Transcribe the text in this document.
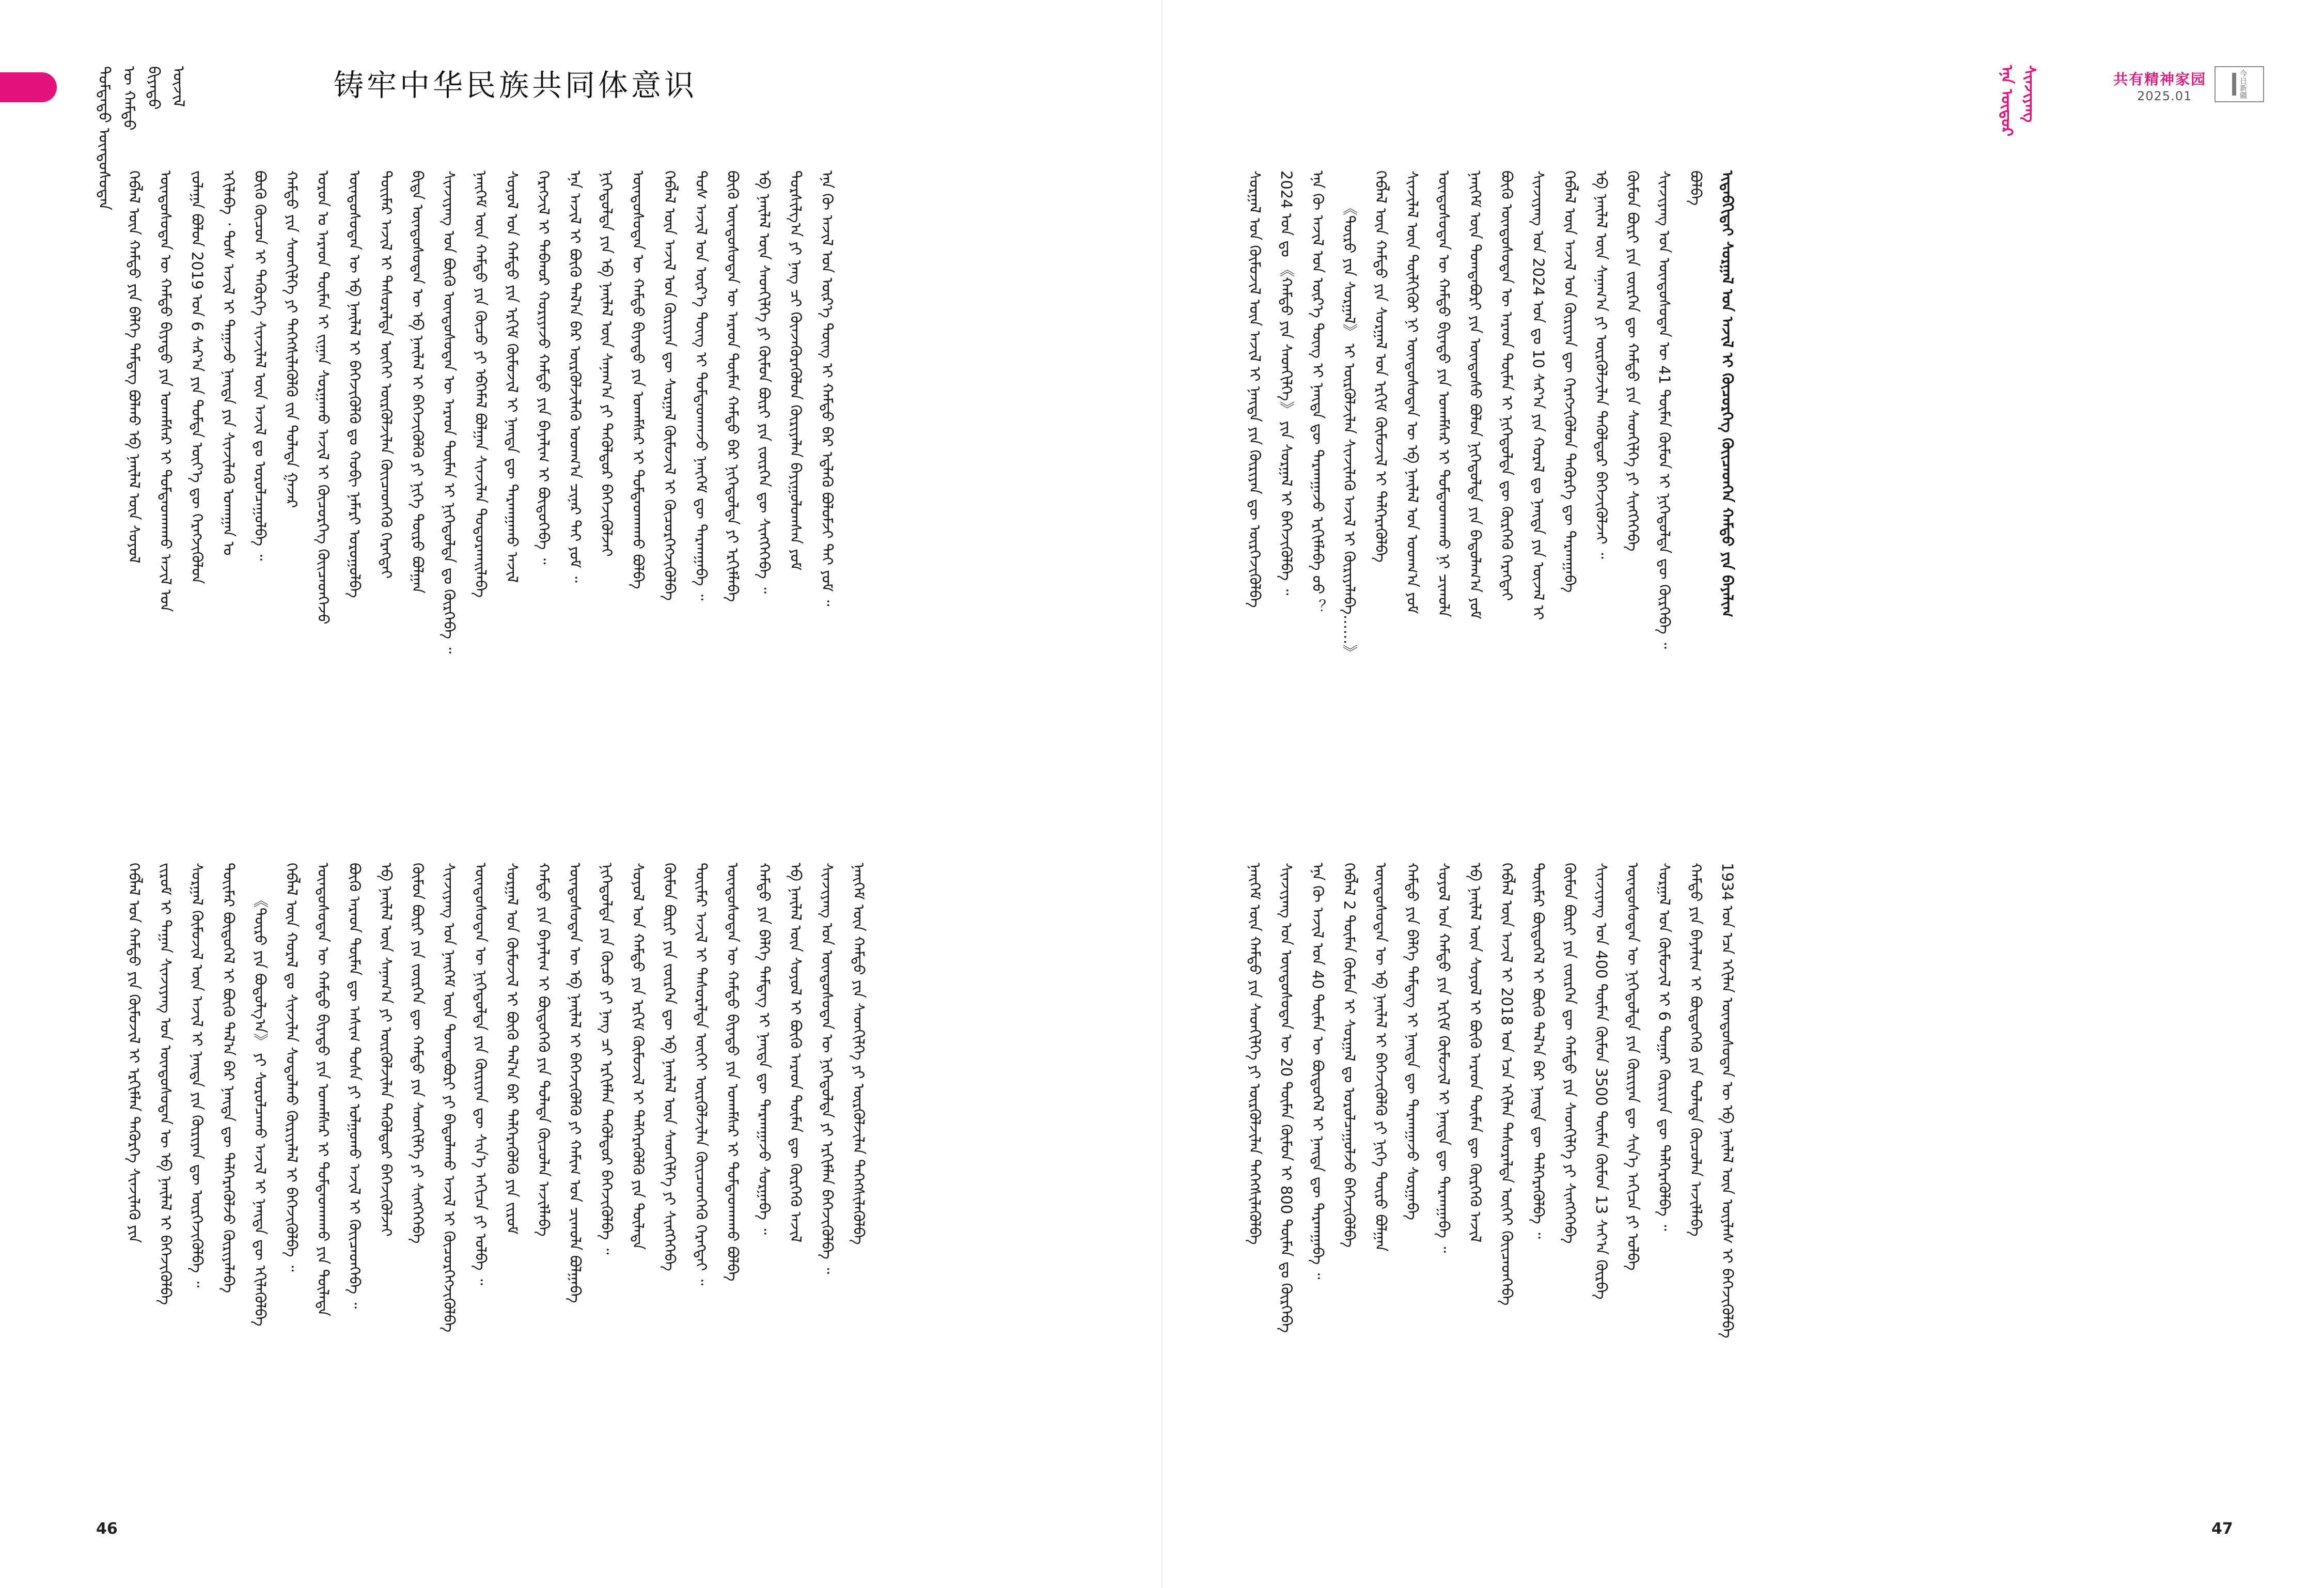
ᠳᠤᠮᠳᠠᠳᠤ ᠦᠨᠳᠦᠰᠦᠲᠡᠨ ᠦ ᠬᠠᠮᠲᠤ ᠪᠢᠶᠡᠲᠦ ᠦᠵᠢᠯ	铸牢中华民族共同体意识	ᠡᠨᠡ ᠦᠳᠦᠷ ᠰᠢᠨᠵᠢᠶᠠᠩ	共有精神家园
2025.01	今日新疆
ᠬᠡᠪᠯᠡᠯ ᠦᠨ ᠬᠠᠮᠲᠤ ᠶᠢᠨ ᠪᠡᠯᠭᠡ ᠲᠡᠮᠳᠡᠭ ᠪᠤᠯᠬᠤ ᠡᠪ ᠨᠡᠢ᠋ᠯᠡᠯ ᠦᠨ ᠰᠤᠶᠤᠯ ᠦᠨᠳᠦᠰᠦᠲᠡᠨ ᠦ ᠬᠠᠮᠲᠤ ᠪᠢᠶᠡᠲᠦ ᠶᠢᠨ ᠤᠬᠠᠮᠰᠠᠷ ᠢ ᠲᠤᠮᠳᠠᠳᠬᠠᠬᠤ ᠠᠵᠢᠯ ᠤᠨ ᠵᠤᠯᠠᠭᠠ ᠪᠤᠯᠤᠨ 2019 ᠤᠨ 6 ᠰᠠᠷ᠎ᠠ ᠶᠢᠨ ᠳᠤᠮᠳᠠ ᠦᠶ᠎ᠡ ᠳᠦ ᠬᠡᠷᠡᠭᠵᠢᠬᠦᠯᠦᠨ ᠡᠬᠢᠯᠡᠪᠡ ᠂ ᠲᠤᠰ ᠠᠵᠢᠯ ᠢ ᠳᠠᠭᠠᠵᠤ ᠨᠡᠢ᠋ᠲᠡ ᠶᠢᠨ ᠰᠢᠨᠵᠢᠯᠡᠬᠦ ᠤᠬᠠᠭᠠᠨ ᠤ ᠪᠦᠬᠦ ᠬᠦᠴᠦᠨ ᠢ ᠲᠡᠭᠦᠷᠭᠡ ᠰᠢᠨᠵᠢᠯᠡᠯ ᠦᠨ ᠠᠵᠢᠯ ᠳᠤ ᠤᠷᠤᠯᠴᠠᠭᠤᠯᠪᠠ ᠃ ᠬᠠᠮᠲᠤ ᠶᠢᠨ ᠰᠡᠳᠬᠢᠯᠭᠡ ᠶᠢ ᠳᠡᠭᠡᠭᠰᠢᠯᠡᠬᠦᠯᠬᠦ ᠵᠢᠨ ᠲᠤᠯᠠᠳᠠ ᠭᠠᠵᠠᠷ ᠤᠷᠤᠨ ᠤ ᠠᠷᠠᠳ ᠲᠦᠮᠡᠨ ᠢ ᠵᠢᠭᠠᠨ ᠰᠤᠷᠭᠠᠬᠤ ᠠᠵᠢᠯ ᠢ ᠬᠦᠴᠦᠷᠬᠡᠭ ᠭᠦᠢᠴᠡᠳᠬᠡᠵᠦ ᠦᠨᠳᠦᠰᠦᠲᠡᠨ ᠦ ᠡᠪ ᠨᠡᠢ᠋ᠯᠡᠯ ᠢ ᠪᠡᠬᠡᠵᠢᠭᠦᠯᠬᠦ ᠳᠤ ᠬᠤᠪᠢ ᠨᠡᠮᠡᠷᠢ ᠣᠷᠤᠭᠤᠯᠪᠠ ᠲᠦᠢᠮᠡᠷ ᠠᠵᠢᠯ ᠢ ᠲᠠᠰᠤᠷᠠᠯᠲᠠ ᠦᠭᠡᠢ ᠦᠷᠭᠦᠯᠵᠢᠯᠡᠨ ᠭᠦᠢᠴᠡᠳᠬᠡᠬᠦ ᠬᠡᠷᠡᠭᠲᠡᠢ ᠪᠢᠳᠡ ᠦᠨᠳᠦᠰᠦᠲᠡᠨ ᠦ ᠡᠪ ᠨᠡᠢ᠋ᠯᠡᠯ ᠢ ᠪᠡᠬᠡᠵᠢᠭᠦᠯᠬᠦ ᠶᠢ ᠨᠢᠭᠡ ᠲᠦᠷᠦ ᠪᠣᠯᠭᠠᠨ ᠰᠢᠨᠵᠢᠶᠠᠩ ᠤᠨ ᠪᠦᠬᠦ ᠦᠨᠳᠦᠰᠦᠲᠡᠨ ᠦ ᠠᠷᠠᠳ ᠲᠦᠮᠡᠨ ᠢ ᠨᠢᠭᠡᠳᠦᠯᠲᠡ ᠳᠤ ᠬᠦᠷᠭᠡᠪᠡ ᠃ ᠨᠡᠢ᠋ᠭᠡᠮ ᠦᠨ ᠬᠠᠮᠲᠤ ᠶᠢᠨ ᠬᠦᠴᠦ ᠶᠢ ᠡᠪᠬᠡᠮᠡᠯ ᠪᠣᠯᠭᠠᠨ ᠰᠢᠨᠵᠢᠯᠡᠨ ᠲᠤᠳᠤᠷᠬᠠᠢᠯᠠᠪᠠ ᠰᠤᠶᠤᠯ ᠤᠨ ᠬᠠᠮᠲᠤ ᠶᠢᠨ ᠡᠷᠬᠢᠮ ᠬᠦᠮᠦᠵᠢᠯ ᠢ ᠨᠡᠢ᠋ᠲᠡ ᠳᠦ ᠲᠠᠷᠬᠠᠭᠠᠬᠤ ᠠᠵᠢᠯ ᠬᠡᠷᠡᠭᠵᠢᠯ ᠢ ᠳᠠᠪᠬᠤᠷ ᠬᠤᠷᠢᠶᠠᠵᠤ ᠬᠠᠮᠲᠤ ᠶᠢᠨ ᠪᠠᠶᠠᠯᠢᠭ ᠢ ᠪᠦᠲᠦᠭᠡᠪᠡ ᠃ ᠡᠨᠡ ᠠᠵᠢᠯ ᠢ ᠪᠦᠬᠦ ᠲᠠᠯ᠎ᠠ ᠪᠠᠷ ᠦᠷᠭᠦᠯᠵᠢᠯᠡᠬᠦ ᠤᠳᠬ᠎ᠠ ᠴᠢᠨᠠᠷ ᠲᠠᠢ ᠶᠤᠮ ᠃ ᠨᠢᠭᠡᠳᠦᠯᠲᠡ ᠶᠢᠨ ᠡᠪ ᠨᠡᠢ᠋ᠯᠡᠯ ᠦᠨ ᠰᠠᠨᠠᠭ᠎ᠠ ᠶᠢ ᠲᠡᠭᠦᠯᠳᠦᠷ ᠪᠡᠬᠡᠵᠢᠭᠦᠯᠵᠡᠢ ᠦᠨᠳᠦᠰᠦᠲᠡᠨ ᠦ ᠬᠠᠮᠲᠤ ᠪᠢᠶᠡᠲᠦ ᠶᠢᠨ ᠤᠬᠠᠮᠰᠠᠷ ᠢ ᠲᠤᠮᠳᠠᠳᠬᠠᠬᠤ ᠪᠣᠯᠪᠠ ᠬᠡᠪᠯᠡᠯ ᠦᠨ ᠠᠵᠢᠯ ᠤᠨ ᠬᠦᠷᠢᠶᠡᠨ ᠳᠦ ᠰᠤᠷᠭᠠᠯ ᠬᠦᠮᠦᠵᠢᠯ ᠢ ᠬᠦᠴᠦᠷᠬᠡᠭᠵᠢᠭᠦᠯᠪᠡ ᠲᠤᠰ ᠠᠵᠢᠯ ᠤᠨ ᠦᠷ᠎ᠡ ᠳᠦᠩ ᠢ ᠲᠤᠮᠳᠠᠳᠬᠠᠵᠤ ᠨᠡᠢ᠋ᠭᠡᠮ ᠳᠦ ᠲᠠᠷᠬᠠᠭᠠᠪᠠ ᠃ ᠪᠦᠬᠦ ᠦᠨᠳᠦᠰᠦᠲᠡᠨ ᠦ ᠠᠷᠠᠳ ᠲᠦᠮᠡᠨ ᠬᠠᠮᠲᠤ ᠪᠡᠷ ᠨᠢᠭᠡᠳᠦᠯᠲᠡ ᠶᠢ ᠡᠷᠬᠢᠮᠯᠡᠪᠡ ᠡᠪ ᠨᠡᠢ᠋ᠯᠡᠯ ᠦᠨ ᠰᠡᠳᠬᠢᠯᠭᠡ ᠶᠢ ᠬᠦᠮᠦᠨ ᠪᠦᠷᠢ ᠶᠢᠨ ᠵᠦᠷᠬᠡᠨ ᠳᠦ ᠰᠢᠩᠭᠡᠭᠡᠪᠡ ᠃ ᠲᠤᠷᠰᠢᠯᠭ᠎ᠠ ᠶᠢ ᠨᠡᠩ ᠴᠢ ᠭᠦᠨᠵᠡᠭᠦᠷᠡᠭᠦᠯᠦᠨ ᠬᠦᠷᠢᠶᠡᠯᠡᠨ ᠪᠠᠶᠢᠭᠤᠯᠤᠭᠰᠠᠨ ᠶᠤᠮ ᠡᠨᠡ ᠬᠦ ᠠᠵᠢᠯ ᠤᠨ ᠦᠷ᠎ᠡ ᠳᠦᠩ ᠢ ᠬᠠᠮᠲᠤ ᠪᠡᠷ ᠡᠳ᠋ᠯᠡᠬᠦ ᠪᠣᠯᠤᠮᠵᠢ ᠲᠠᠢ ᠶᠤᠮ ᠃
ᠬᠡᠪᠯᠡᠯ ᠤᠨ ᠬᠠᠮᠲᠤ ᠶᠢᠨ ᠬᠦᠮᠦᠵᠢᠯ ᠢ ᠡᠷᠬᠢᠮᠯᠡᠨ ᠲᠡᠭᠦᠷᠭᠡ ᠰᠢᠨᠵᠢᠯᠡᠬᠦ ᠶᠢᠨ ᠵᠢᠷᠤᠮ ᠢ ᠳᠠᠭᠠᠨ ᠰᠢᠨᠵᠢᠶᠠᠩ ᠤᠨ ᠦᠨᠳᠦᠰᠦᠲᠡᠨ ᠦ ᠡᠪ ᠨᠡᠢ᠋ᠯᠡᠯ ᠢ ᠪᠡᠬᠡᠵᠢᠭᠦᠯᠪᠡ ᠰᠤᠷᠭᠠᠯ ᠬᠦᠮᠦᠵᠢᠯ ᠦᠨ ᠠᠵᠢᠯ ᠢ ᠨᠡᠢ᠋ᠲᠡ ᠶᠢᠨ ᠬᠦᠷᠢᠶᠡᠨ ᠳᠦ ᠦᠷᠭᠡᠵᠢᠭᠦᠯᠪᠡ ᠃ ᠲᠦᠢᠮᠡᠷ ᠪᠦᠲᠦᠭᠡᠯ ᠢ ᠪᠦᠬᠦ ᠲᠠᠯ᠎ᠠ ᠪᠠᠷ ᠨᠡᠢ᠋ᠲᠡ ᠳᠦ ᠳᠡᠯᠭᠡᠷᠡᠭᠦᠯᠵᠦ ᠬᠦᠷᠢᠶᠡᠯᠡᠪᠡ 《ᠲᠦᠷᠦ ᠶᠢᠨ ᠪᠣᠳᠣᠯᠭ᠎ᠠ》 ᠶᠢ ᠰᠤᠷᠤᠯᠴᠠᠬᠤ ᠠᠵᠢᠯ ᠢ ᠨᠡᠢ᠋ᠲᠡ ᠳᠦ ᠡᠬᠢᠯᠡᠭᠦᠯᠪᠡ ᠬᠡᠪᠯᠡᠯ ᠦᠨ ᠬᠤᠷᠠᠯ ᠳᠤ ᠰᠢᠨᠵᠢᠯᠡᠨ ᠰᠤᠳᠤᠯᠬᠤ ᠬᠦᠷᠢᠶᠡᠯᠡᠯ ᠢ ᠪᠡᠬᠡᠵᠢᠭᠦᠯᠪᠡ ᠃ ᠦᠨᠳᠦᠰᠦᠲᠡᠨ ᠦ ᠬᠠᠮᠲᠤ ᠪᠢᠶᠡᠲᠦ ᠶᠢᠨ ᠤᠬᠠᠮᠰᠠᠷ ᠢ ᠲᠤᠮᠳᠠᠳᠬᠠᠬᠤ ᠶᠢᠨ ᠲᠦᠯᠠᠳᠠ ᠪᠦᠬᠦ ᠠᠷᠠᠳ ᠲᠦᠮᠡᠨ ᠳᠦ ᠠᠰᠢᠭ ᠲᠤᠰᠠ ᠶᠢ ᠣᠯᠭᠤᠬᠤ ᠠᠵᠢᠯ ᠢ ᠭᠦᠢᠴᠡᠳᠭᠡᠪᠡ ᠃ ᠡᠪ ᠨᠡᠢ᠋ᠯᠡᠯ ᠦᠨ ᠰᠠᠨᠠᠭ᠎ᠠ ᠶᠢ ᠦᠷᠭᠦᠯᠵᠢᠯᠡᠨ ᠲᠡᠭᠦᠯᠳᠦᠷ ᠪᠡᠬᠡᠵᠢᠭᠦᠯᠵᠡᠢ ᠬᠦᠮᠦᠨ ᠪᠦᠷᠢ ᠶᠢᠨ ᠵᠦᠷᠬᠡᠨ ᠳᠦ ᠬᠠᠮᠲᠤ ᠶᠢᠨ ᠰᠡᠳᠬᠢᠯᠭᠡ ᠶᠢ ᠰᠢᠩᠭᠡᠭᠡᠪᠡ ᠰᠢᠨᠵᠢᠶᠠᠩ ᠤᠨ ᠨᠡᠢ᠋ᠭᠡᠮ ᠦᠨ ᠲᠣᠭᠲᠠᠪᠤᠷᠢ ᠶᠢ ᠪᠠᠲᠤᠯᠠᠬᠤ ᠠᠵᠢᠯ ᠢ ᠬᠦᠴᠦᠷᠬᠡᠭᠵᠢᠭᠦᠯᠪᠡ ᠦᠨᠳᠦᠰᠦᠲᠡᠨ ᠦ ᠨᠢᠭᠡᠳᠦᠯᠲᠡ ᠶᠢᠨ ᠬᠦᠷᠢᠶᠡᠨ ᠳᠦ ᠰᠢᠨ᠎ᠡ ᠠᠬᠢᠴᠠ ᠶᠢ ᠣᠯᠪᠠ ᠃ ᠰᠤᠷᠭᠠᠯ ᠤᠨ ᠬᠦᠮᠦᠵᠢᠯ ᠢ ᠪᠦᠬᠦ ᠲᠠᠯ᠎ᠠ ᠪᠠᠷ ᠳᠡᠯᠭᠡᠷᠡᠭᠦᠯᠬᠦ ᠶᠢᠨ ᠵᠢᠷᠤᠮ ᠬᠠᠮᠲᠤ ᠶᠢᠨ ᠪᠠᠶᠠᠯᠢᠭ ᠢ ᠪᠦᠲᠦᠭᠡᠬᠦ ᠶᠢᠨ ᠲᠤᠯᠠᠳᠠ ᠬᠦᠴᠦᠯᠡᠨ ᠠᠵᠢᠯᠯᠠᠪᠠ ᠦᠨᠳᠦᠰᠦᠲᠡᠨ ᠦ ᠡᠪ ᠨᠡᠢ᠋ᠯᠡᠯ ᠢ ᠪᠡᠬᠡᠵᠢᠭᠦᠯᠬᠦ ᠶᠢ ᠬᠠᠮᠢᠭ ᠤᠨ ᠴᠢᠬᠤᠯᠠ ᠪᠣᠯᠭᠠᠪᠠ ᠨᠢᠭᠡᠳᠦᠯᠲᠡ ᠶᠢᠨ ᠬᠦᠴᠦ ᠶᠢ ᠨᠡᠩ ᠴᠢ ᠡᠷᠬᠢᠮᠯᠡᠨ ᠲᠡᠭᠦᠯᠳᠦᠷ ᠪᠡᠬᠡᠵᠢᠭᠦᠯᠪᠡ ᠃ ᠰᠤᠶᠤᠯ ᠤᠨ ᠬᠠᠮᠲᠤ ᠶᠢᠨ ᠡᠷᠬᠢᠮ ᠬᠦᠮᠦᠵᠢᠯ ᠢ ᠳᠡᠯᠭᠡᠷᠡᠭᠦᠯᠬᠦ ᠶᠢᠨ ᠲᠦᠯᠠᠳᠠ ᠬᠦᠮᠦᠨ ᠪᠦᠷᠢ ᠶᠢᠨ ᠵᠦᠷᠬᠡᠨ ᠳᠦ ᠡᠪ ᠨᠡᠢ᠋ᠯᠡᠯ ᠦᠨ ᠰᠡᠳᠬᠢᠯᠭᠡ ᠶᠢ ᠰᠢᠩᠭᠡᠭᠡᠪᠡ ᠲᠦᠢᠮᠡᠷ ᠠᠵᠢᠯ ᠢ ᠲᠠᠰᠤᠷᠠᠯᠲᠠ ᠦᠭᠡᠢ ᠦᠷᠭᠦᠯᠵᠢᠯᠡᠨ ᠭᠦᠢᠴᠡᠳᠬᠡᠬᠦ ᠬᠡᠷᠡᠭᠲᠡᠢ ᠃ ᠦᠨᠳᠦᠰᠦᠲᠡᠨ ᠦ ᠬᠠᠮᠲᠤ ᠪᠢᠶᠡᠲᠦ ᠶᠢᠨ ᠤᠬᠠᠮᠰᠠᠷ ᠢ ᠲᠤᠮᠳᠠᠳᠬᠠᠬᠤ ᠪᠣᠯᠪᠠ ᠬᠠᠮᠲᠤ ᠶᠢᠨ ᠪᠡᠯᠭᠡ ᠲᠡᠮᠳᠡᠭ ᠢ ᠨᠡᠢ᠋ᠲᠡ ᠳᠦ ᠲᠠᠷᠬᠠᠭᠠᠵᠤ ᠰᠤᠷᠭᠠᠪᠠ ᠃ ᠡᠪ ᠨᠡᠢ᠋ᠯᠡᠯ ᠦᠨ ᠰᠤᠶᠤᠯ ᠢ ᠪᠦᠬᠦ ᠠᠷᠠᠳ ᠲᠦᠮᠡᠨ ᠳᠦ ᠬᠦᠷᠭᠡᠬᠦ ᠠᠵᠢᠯ ᠰᠢᠨᠵᠢᠶᠠᠩ ᠤᠨ ᠦᠨᠳᠦᠰᠦᠲᠡᠨ ᠦ ᠨᠢᠭᠡᠳᠦᠯᠲᠡ ᠶᠢ ᠡᠷᠬᠢᠮᠯᠡᠨ ᠪᠡᠬᠡᠵᠢᠭᠦᠯᠪᠡ ᠃ ᠨᠡᠢ᠋ᠭᠡᠮ ᠦᠨ ᠬᠠᠮᠲᠤ ᠶᠢᠨ ᠰᠡᠳᠬᠢᠯᠭᠡ ᠶᠢ ᠦᠷᠭᠦᠯᠵᠢᠯᠡᠨ ᠳᠡᠭᠡᠭᠰᠢᠯᠡᠭᠦᠯᠪᠡ
ᠰᠤᠷᠭᠠᠯ ᠤᠨ ᠬᠦᠮᠦᠵᠢᠯ ᠦᠨ ᠠᠵᠢᠯ ᠢ ᠨᠡᠢ᠋ᠲᠡ ᠶᠢᠨ ᠬᠦᠷᠢᠶᠡᠨ ᠳᠦ ᠦᠷᠭᠡᠵᠢᠭᠦᠯᠪᠡ 2024 ᠤᠨ ᠳᠤ 《ᠬᠠᠮᠲᠤ ᠶᠢᠨ ᠰᠡᠳᠬᠢᠯᠭᠡ》 ᠶᠢᠨ ᠰᠤᠷᠭᠠᠯ ᠢ ᠪᠡᠬᠡᠵᠢᠭᠦᠯᠪᠡ ᠃ ᠡᠨᠡ ᠬᠦ ᠠᠵᠢᠯ ᠤᠨ ᠦᠷ᠎ᠡ ᠳᠦᠩ ᠢ ᠨᠡᠢ᠋ᠲᠡ ᠳᠦ ᠲᠠᠷᠬᠠᠭᠠᠵᠤ ᠡᠷᠬᠢᠮᠯᠡᠪᠡ ᠤᠤ ？ 《ᠲᠦᠷᠦ ᠶᠢᠨ ᠰᠤᠷᠭᠠᠯ》 ᠢ ᠦᠷᠭᠦᠯᠵᠢᠯᠡᠨ ᠰᠢᠨᠵᠢᠯᠡᠬᠦ ᠠᠵᠢᠯ ᠢ ᠬᠦᠷᠢᠶᠡᠯᠡᠪᠡ……》 ᠬᠡᠪᠯᠡᠯ ᠦᠨ ᠬᠠᠮᠲᠤ ᠶᠢᠨ ᠰᠤᠷᠭᠠᠯ ᠤᠨ ᠡᠷᠬᠢᠮ ᠬᠦᠮᠦᠵᠢᠯ ᠢ ᠳᠡᠯᠭᠡᠷᠡᠭᠦᠯᠪᠡ ᠰᠢᠨᠵᠢᠯᠡᠯ ᠦᠨ ᠲᠦᠯᠬᠢᠭᠦᠷ ᠨᠢ ᠦᠨᠳᠦᠰᠦᠲᠡᠨ ᠦ ᠡᠪ ᠨᠡᠢ᠋ᠯᠡᠯ ᠤᠨ ᠤᠳᠬ᠎ᠠ ᠶᠤᠮ ᠦᠨᠳᠦᠰᠦᠲᠡᠨ ᠦ ᠬᠠᠮᠲᠤ ᠪᠢᠶᠡᠲᠦ ᠶᠢᠨ ᠤᠬᠠᠮᠰᠠᠷ ᠢ ᠲᠤᠮᠳᠠᠳᠬᠠᠬᠤ ᠨᠢ ᠴᠢᠬᠤᠯᠠ ᠨᠡᠢ᠋ᠭᠡᠮ ᠦᠨ ᠲᠣᠭᠲᠠᠪᠤᠷᠢ ᠶᠢᠨ ᠦᠨᠳᠦᠰᠦ ᠪᠣᠯᠤᠨ ᠨᠢᠭᠡᠳᠦᠯᠲᠡ ᠶᠢᠨ ᠪᠠᠲᠤᠯᠠᠭ᠎ᠠ ᠶᠤᠮ ᠪᠦᠬᠦ ᠦᠨᠳᠦᠰᠦᠲᠡᠨ ᠦ ᠠᠷᠠᠳ ᠲᠦᠮᠡᠨ ᠢ ᠨᠢᠭᠡᠳᠦᠯᠲᠡ ᠳᠦ ᠬᠦᠷᠭᠡᠬᠦ ᠬᠡᠷᠡᠭᠲᠡᠢ ᠰᠢᠨᠵᠢᠶᠠᠩ ᠤᠨ 2024 ᠤᠨ ᠳᠤ 10 ᠰᠠᠷ᠎ᠠ ᠶᠢᠨ ᠬᠤᠷᠠᠯ ᠳᠤ ᠨᠡᠢ᠋ᠲᠡ ᠶᠢᠨ ᠦᠵᠡᠯ ᠢ ᠬᠡᠪᠯᠡᠯ ᠦᠨ ᠠᠵᠢᠯ ᠤᠨ ᠬᠦᠷᠢᠶᠡᠨ ᠳᠦ ᠬᠡᠷᠡᠭᠵᠢᠭᠦᠯᠦᠨ ᠲᠡᠭᠦᠷᠭᠡ ᠳᠦ ᠲᠠᠷᠬᠠᠭᠠᠪᠠ ᠡᠪ ᠨᠡᠢ᠋ᠯᠡᠯ ᠦᠨ ᠰᠠᠨᠠᠭ᠎ᠠ ᠶᠢ ᠦᠷᠭᠦᠯᠵᠢᠯᠡᠨ ᠲᠡᠭᠦᠯᠳᠦᠷ ᠪᠡᠬᠡᠵᠢᠭᠦᠯᠵᠡᠢ ᠃ ᠬᠦᠮᠦᠨ ᠪᠦᠷᠢ ᠶᠢᠨ ᠵᠦᠷᠬᠡᠨ ᠳᠦ ᠬᠠᠮᠲᠤ ᠶᠢᠨ ᠰᠡᠳᠬᠢᠯᠭᠡ ᠶᠢ ᠰᠢᠩᠭᠡᠭᠡᠪᠡ ᠰᠢᠨᠵᠢᠶᠠᠩ ᠤᠨ ᠦᠨᠳᠦᠰᠦᠲᠡᠨ ᠦ 41 ᠲᠦᠮᠡᠨ ᠬᠦᠮᠦᠨ ᠢ ᠨᠢᠭᠡᠳᠦᠯᠲᠡ ᠳᠦ ᠬᠦᠷᠭᠡᠪᠡ ᠃ ᠪᠣᠯᠪᠠ ᠢᠳᠡᠪᠬᠢᠲᠡᠢ ᠰᠤᠷᠭᠠᠯ ᠤᠨ ᠠᠵᠢᠯ ᠢ ᠬᠦᠴᠦᠷᠬᠡᠭ ᠭᠦᠢᠴᠡᠳᠬᠡᠨ ᠬᠠᠮᠲᠤ ᠶᠢᠨ ᠪᠠᠶᠠᠯᠢᠭ
ᠨᠡᠢ᠋ᠭᠡᠮ ᠦᠨ ᠬᠠᠮᠲᠤ ᠶᠢᠨ ᠰᠡᠳᠬᠢᠯᠭᠡ ᠶᠢ ᠦᠷᠭᠦᠯᠵᠢᠯᠡᠨ ᠳᠡᠭᠡᠭᠰᠢᠯᠡᠭᠦᠯᠪᠡ ᠰᠢᠨᠵᠢᠶᠠᠩ ᠤᠨ ᠦᠨᠳᠦᠰᠦᠲᠡᠨ ᠦ 20 ᠲᠦᠮᠡᠨ ᠬᠦᠮᠦᠨ ᠢ 800 ᠲᠦᠮᠡᠨ ᠳᠤ ᠬᠦᠷᠭᠡᠪᠡ ᠡᠨᠡ ᠬᠦ ᠠᠵᠢᠯ ᠤᠨ 40 ᠲᠦᠮᠡᠨ ᠦ ᠪᠦᠲᠦᠭᠡᠯ ᠢ ᠨᠡᠢ᠋ᠲᠡ ᠳᠦ ᠲᠠᠷᠬᠠᠭᠠᠪᠠ ᠃ ᠬᠡᠪᠯᠡᠯ 2 ᠲᠦᠮᠡᠨ ᠬᠦᠮᠦᠨ ᠢ ᠰᠤᠷᠭᠠᠯ ᠳᠤ ᠣᠷᠤᠯᠴᠠᠭᠤᠯᠵᠤ ᠪᠡᠬᠡᠵᠢᠭᠦᠯᠪᠡ ᠦᠨᠳᠦᠰᠦᠲᠡᠨ ᠦ ᠡᠪ ᠨᠡᠢ᠋ᠯᠡᠯ ᠢ ᠪᠡᠬᠡᠵᠢᠭᠦᠯᠬᠦ ᠶᠢ ᠨᠢᠭᠡ ᠲᠦᠷᠦ ᠪᠣᠯᠭᠠᠨ ᠬᠠᠮᠲᠤ ᠶᠢᠨ ᠪᠡᠯᠭᠡ ᠲᠡᠮᠳᠡᠭ ᠢ ᠨᠡᠢ᠋ᠲᠡ ᠳᠦ ᠲᠠᠷᠬᠠᠭᠠᠵᠤ ᠰᠤᠷᠭᠠᠪᠠ ᠰᠤᠶᠤᠯ ᠤᠨ ᠬᠠᠮᠲᠤ ᠶᠢᠨ ᠡᠷᠬᠢᠮ ᠬᠦᠮᠦᠵᠢᠯ ᠢ ᠨᠡᠢ᠋ᠲᠡ ᠳᠦ ᠲᠠᠷᠬᠠᠭᠠᠪᠠ ᠃ ᠡᠪ ᠨᠡᠢ᠋ᠯᠡᠯ ᠦᠨ ᠰᠤᠶᠤᠯ ᠢ ᠪᠦᠬᠦ ᠠᠷᠠᠳ ᠲᠦᠮᠡᠨ ᠳᠦ ᠬᠦᠷᠭᠡᠬᠦ ᠠᠵᠢᠯ ᠬᠡᠪᠯᠡᠯ ᠦᠨ ᠠᠵᠢᠯ ᠢ 2018 ᠤᠨ ᠡᠴᠡ ᠡᠬᠢᠯᠡᠨ ᠲᠠᠰᠤᠷᠠᠯᠲᠠ ᠦᠭᠡᠢ ᠭᠦᠢᠴᠡᠳᠬᠡᠪᠡ ᠲᠦᠢᠮᠡᠷ ᠪᠦᠲᠦᠭᠡᠯ ᠢ ᠪᠦᠬᠦ ᠲᠠᠯ᠎ᠠ ᠪᠠᠷ ᠨᠡᠢ᠋ᠲᠡ ᠳᠦ ᠳᠡᠯᠭᠡᠷᠡᠭᠦᠯᠪᠡ ᠃ ᠬᠦᠮᠦᠨ ᠪᠦᠷᠢ ᠶᠢᠨ ᠵᠦᠷᠬᠡᠨ ᠳᠦ ᠬᠠᠮᠲᠤ ᠶᠢᠨ ᠰᠡᠳᠬᠢᠯᠭᠡ ᠶᠢ ᠰᠢᠩᠭᠡᠭᠡᠪᠡ ᠰᠢᠨᠵᠢᠶᠠᠩ ᠤᠨ 400 ᠲᠦᠮᠡᠨ ᠬᠦᠮᠦᠨ 3500 ᠲᠦᠮᠡᠨ ᠬᠦᠮᠦᠨ 13 ᠰᠠᠶ᠎ᠠ ᠬᠦᠷᠪᠡ ᠦᠨᠳᠦᠰᠦᠲᠡᠨ ᠦ ᠨᠢᠭᠡᠳᠦᠯᠲᠡ ᠶᠢᠨ ᠬᠦᠷᠢᠶᠡᠨ ᠳᠦ ᠰᠢᠨ᠎ᠡ ᠠᠬᠢᠴᠠ ᠶᠢ ᠣᠯᠪᠠ ᠰᠤᠷᠭᠠᠯ ᠤᠨ ᠬᠦᠮᠦᠵᠢᠯ ᠢ 6 ᠳᠤᠭᠠᠷ ᠬᠦᠷᠢᠶᠡᠨ ᠳᠦ ᠳᠡᠯᠭᠡᠷᠡᠭᠦᠯᠪᠡ ᠃ ᠬᠠᠮᠲᠤ ᠶᠢᠨ ᠪᠠᠶᠠᠯᠢᠭ ᠢ ᠪᠦᠲᠦᠭᠡᠬᠦ ᠶᠢᠨ ᠲᠤᠯᠠᠳᠠ ᠬᠦᠴᠦᠯᠡᠨ ᠠᠵᠢᠯᠯᠠᠪᠠ 1934 ᠤᠨ ᠡᠴᠡ ᠡᠬᠢᠯᠡᠨ ᠦᠨᠳᠦᠰᠦᠲᠡᠨ ᠦ ᠡᠪ ᠨᠡᠢ᠋ᠯᠡᠯ ᠦᠨ ᠦᠶᠯᠡᠰ ᠢ ᠪᠡᠬᠡᠵᠢᠭᠦᠯᠪᠡ
46	47
